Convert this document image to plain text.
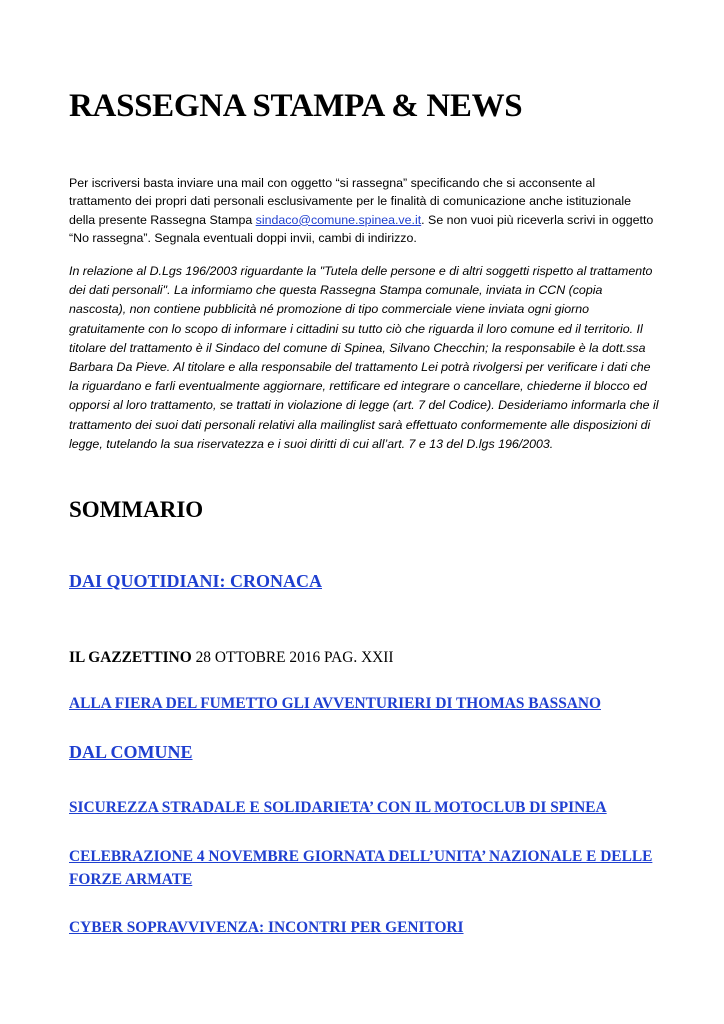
RASSEGNA STAMPA & NEWS

Per iscriversi basta inviare una mail con oggetto “si rassegna” specificando che si acconsente al trattamento dei propri dati personali esclusivamente per le finalità di comunicazione anche istituzionale della presente Rassegna Stampa sindaco@comune.spinea.ve.it. Se non vuoi più riceverla scrivi in oggetto “No rassegna”. Segnala eventuali doppi invii, cambi di indirizzo.

In relazione al D.Lgs 196/2003 riguardante la "Tutela delle persone e di altri soggetti rispetto al trattamento dei dati personali". La informiamo che questa Rassegna Stampa comunale, inviata in CCN (copia nascosta), non contiene pubblicità né promozione di tipo commerciale viene inviata ogni giorno gratuitamente con lo scopo di informare i cittadini su tutto ciò che riguarda il loro comune ed il territorio. Il titolare del trattamento è il Sindaco del comune di Spinea, Silvano Checchin; la responsabile è la dott.ssa Barbara Da Pieve. Al titolare e alla responsabile del trattamento Lei potrà rivolgersi per verificare i dati che la riguardano e farli eventualmente aggiornare, rettificare ed integrare o cancellare, chiederne il blocco ed opporsi al loro trattamento, se trattati in violazione di legge (art. 7 del Codice). Desideriamo informarla che il trattamento dei suoi dati personali relativi alla mailinglist sarà effettuato conformemente alle disposizioni di legge, tutelando la sua riservatezza e i suoi diritti di cui all’art. 7 e 13 del D.lgs 196/2003.

SOMMARIO
DAI QUOTIDIANI: CRONACA

IL GAZZETTINO 28 OTTOBRE 2016 PAG. XXII

ALLA FIERA DEL FUMETTO GLI AVVENTURIERI DI THOMAS BASSANO
DAL COMUNE
SICUREZZA STRADALE E SOLIDARIETA’ CON IL MOTOCLUB DI SPINEA
CELEBRAZIONE 4 NOVEMBRE GIORNATA DELL’UNITA’ NAZIONALE E DELLE FORZE ARMATE
CYBER SOPRAVVIVENZA: INCONTRI PER GENITORI
